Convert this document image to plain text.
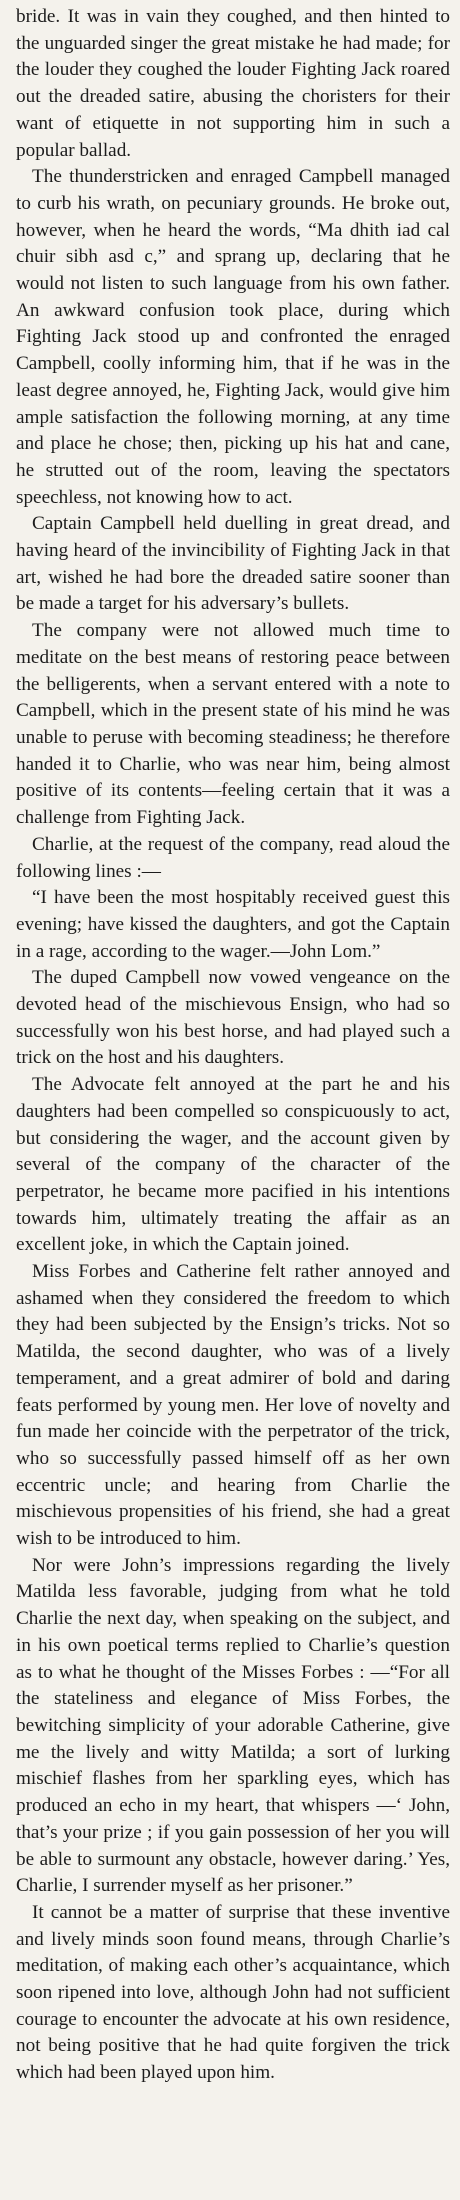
bride. It was in vain they coughed, and then hinted to the unguarded singer the great mistake he had made; for the louder they coughed the louder Fighting Jack roared out the dreaded satire, abusing the choristers for their want of etiquette in not supporting him in such a popular ballad.

The thunderstricken and enraged Campbell managed to curb his wrath, on pecuniary grounds. He broke out, however, when he heard the words, “Ma dhith iad cal chuir sibh asd c,” and sprang up, declaring that he would not listen to such language from his own father. An awkward confusion took place, during which Fighting Jack stood up and confronted the enraged Campbell, coolly informing him, that if he was in the least degree annoyed, he, Fighting Jack, would give him ample satisfaction the following morning, at any time and place he chose; then, picking up his hat and cane, he strutted out of the room, leaving the spectators speechless, not knowing how to act.

Captain Campbell held duelling in great dread, and having heard of the invincibility of Fighting Jack in that art, wished he had bore the dreaded satire sooner than be made a target for his adversary’s bullets.

The company were not allowed much time to meditate on the best means of restoring peace between the belligerents, when a servant entered with a note to Campbell, which in the present state of his mind he was unable to peruse with becoming steadiness; he therefore handed it to Charlie, who was near him, being almost positive of its contents—feeling certain that it was a challenge from Fighting Jack.

Charlie, at the request of the company, read aloud the following lines :—

“I have been the most hospitably received guest this evening; have kissed the daughters, and got the Captain in a rage, according to the wager.—John Lom.”

The duped Campbell now vowed vengeance on the devoted head of the mischievous Ensign, who had so successfully won his best horse, and had played such a trick on the host and his daughters.

The Advocate felt annoyed at the part he and his daughters had been compelled so conspicuously to act, but considering the wager, and the account given by several of the company of the character of the perpetrator, he became more pacified in his intentions towards him, ultimately treating the affair as an excellent joke, in which the Captain joined.

Miss Forbes and Catherine felt rather annoyed and ashamed when they considered the freedom to which they had been subjected by the Ensign’s tricks. Not so Matilda, the second daughter, who was of a lively temperament, and a great admirer of bold and daring feats performed by young men. Her love of novelty and fun made her coincide with the perpetrator of the trick, who so successfully passed himself off as her own eccentric uncle; and hearing from Charlie the mischievous propensities of his friend, she had a great wish to be introduced to him.

Nor were John’s impressions regarding the lively Matilda less favorable, judging from what he told Charlie the next day, when speaking on the subject, and in his own poetical terms replied to Charlie’s question as to what he thought of the Misses Forbes : —“For all the stateliness and elegance of Miss Forbes, the bewitching simplicity of your adorable Catherine, give me the lively and witty Matilda; a sort of lurking mischief flashes from her sparkling eyes, which has produced an echo in my heart, that whispers —‘ John, that’s your prize ; if you gain possession of her you will be able to surmount any obstacle, however daring.’ Yes, Charlie, I surrender myself as her prisoner.”

It cannot be a matter of surprise that these inventive and lively minds soon found means, through Charlie’s meditation, of making each other’s acquaintance, which soon ripened into love, although John had not sufficient courage to encounter the advocate at his own residence, not being positive that he had quite forgiven the trick which had been played upon him.
